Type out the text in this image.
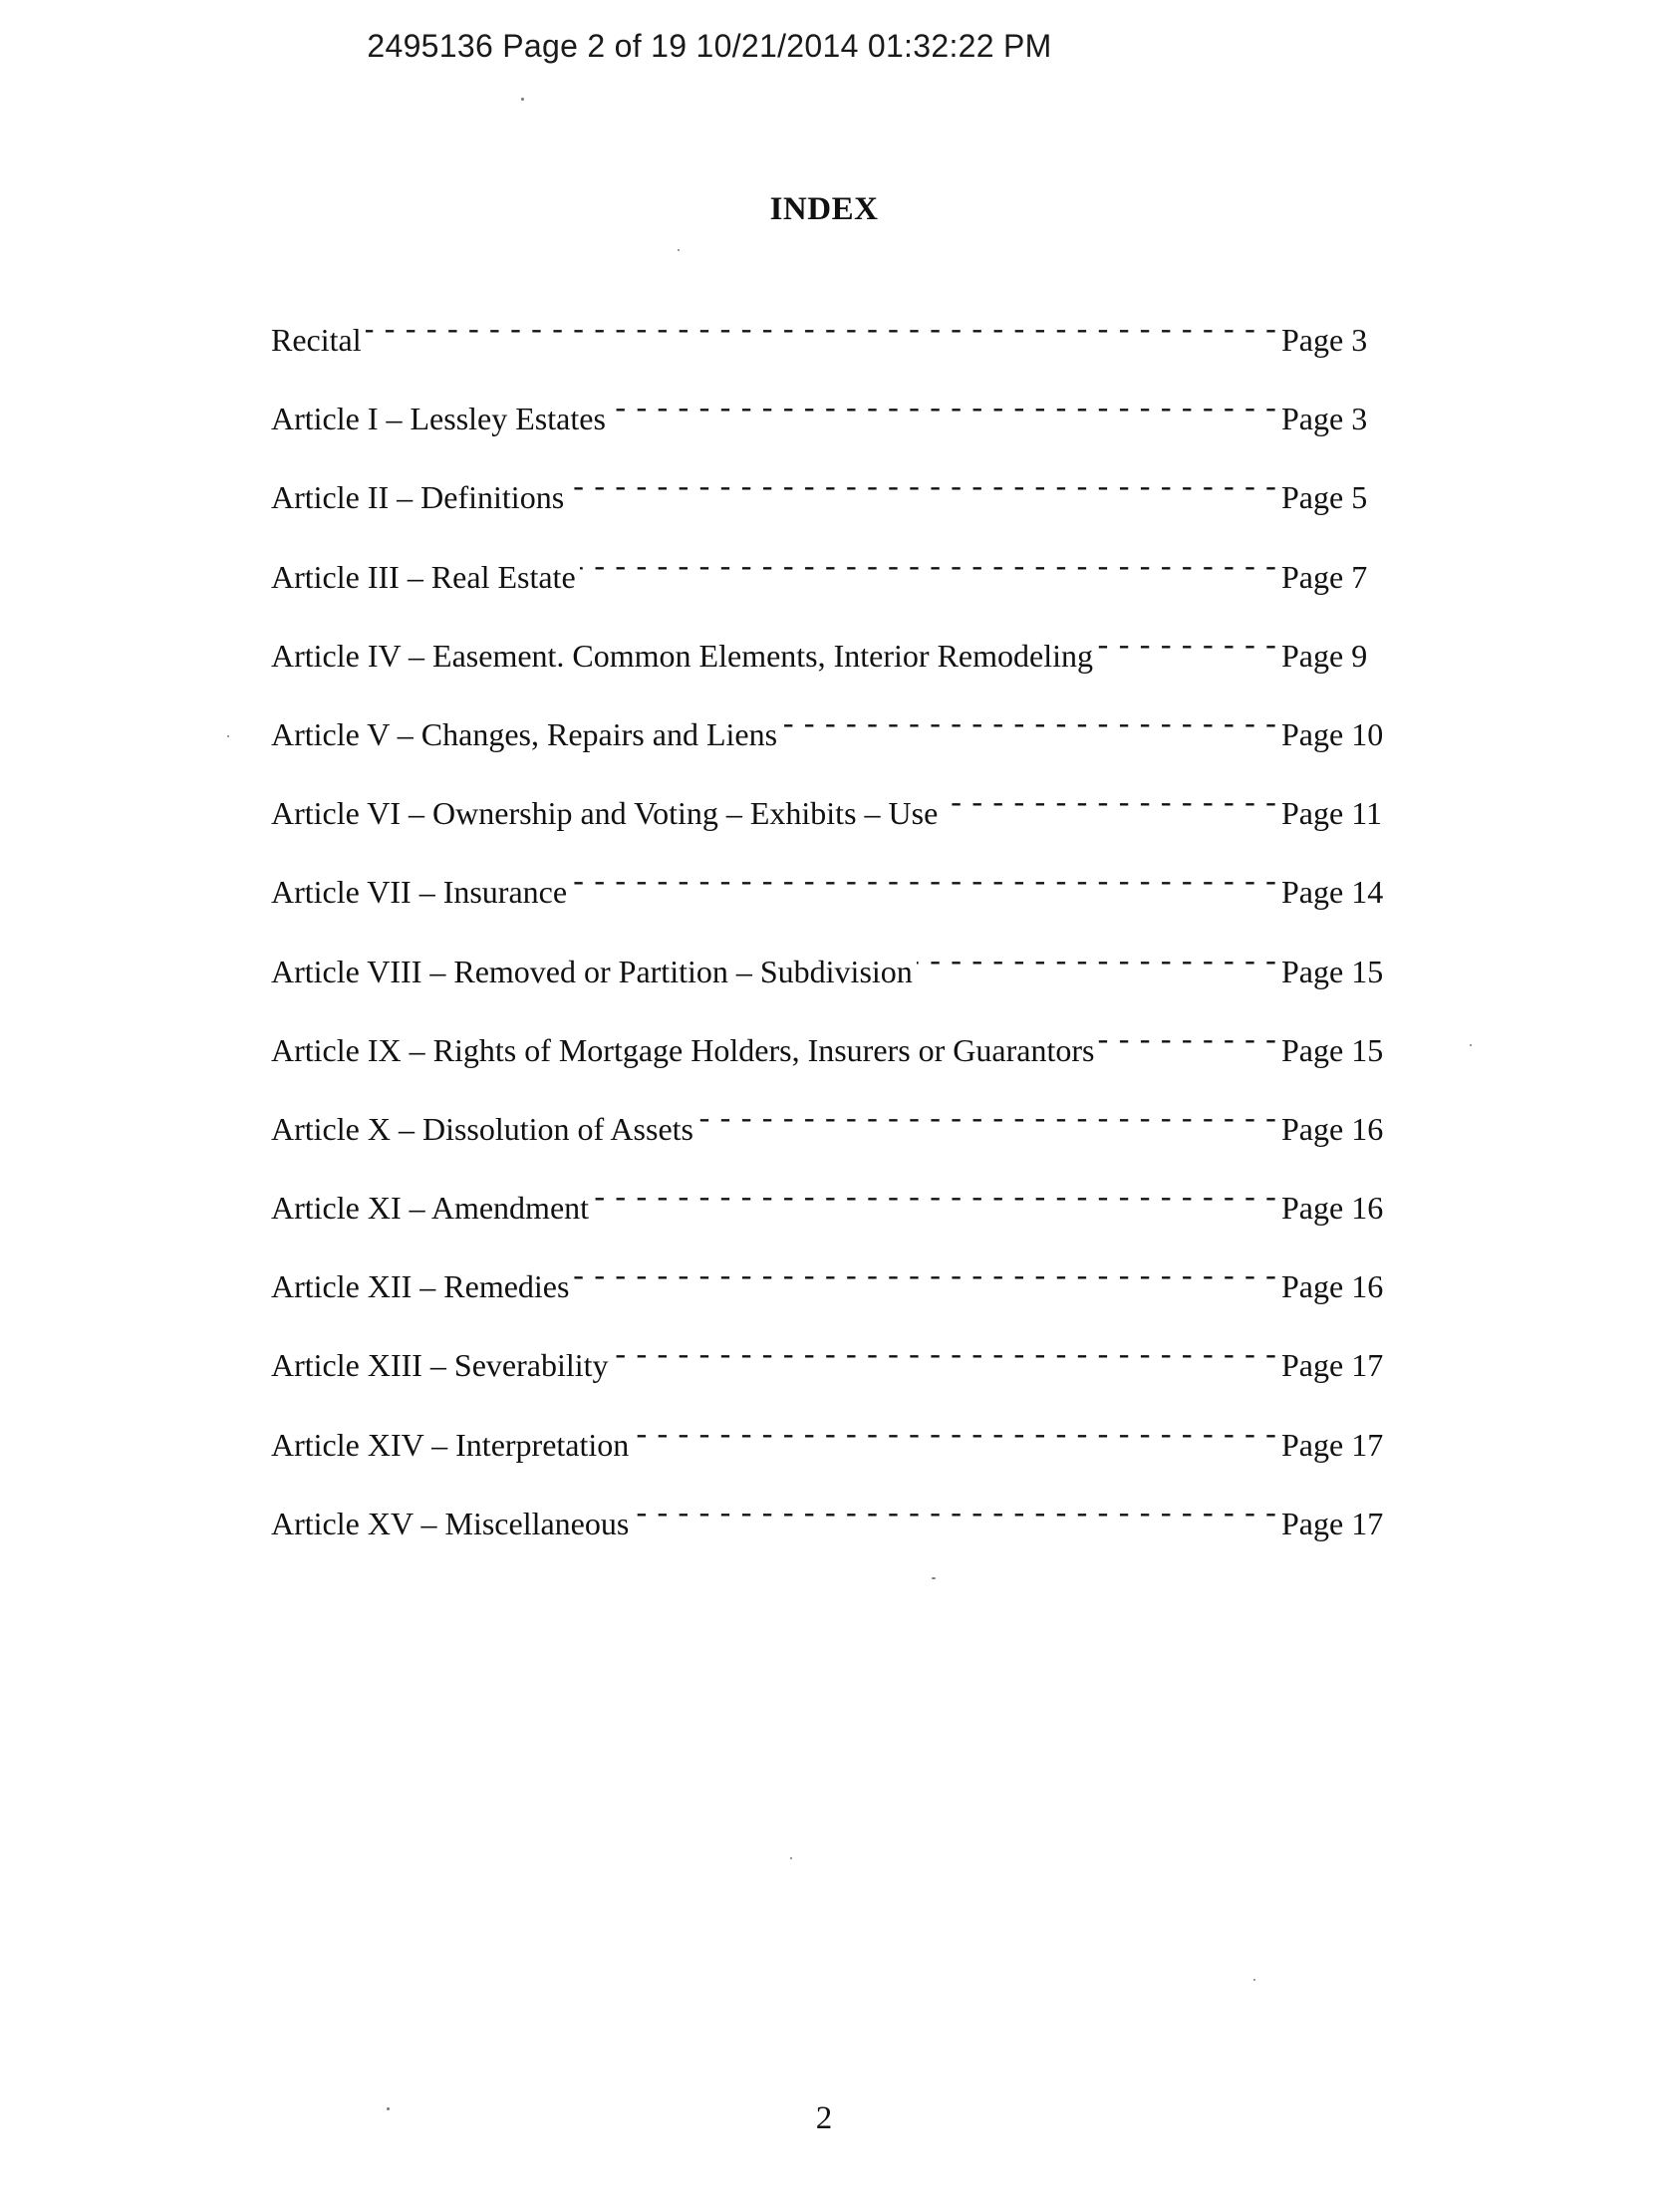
2495136 Page 2 of 19 10/21/2014 01:32:22 PM
INDEX
Recital - - -	Page 3
Article I – Lessley Estates - - -	Page 3
Article II – Definitions - - -	Page 5
Article III – Real Estate - - -	Page 7
Article IV – Easement. Common Elements, Interior Remodeling - - -	Page 9
Article V – Changes, Repairs and Liens - - -	Page 10
Article VI – Ownership and Voting – Exhibits – Use - - -	Page 11
Article VII – Insurance - - -	Page 14
Article VIII – Removed or Partition – Subdivision - - -	Page 15
Article IX – Rights of Mortgage Holders, Insurers or Guarantors - - -	Page 15
Article X – Dissolution of Assets - - -	Page 16
Article XI – Amendment - - -	Page 16
Article XII – Remedies - - -	Page 16
Article XIII – Severability - - -	Page 17
Article XIV – Interpretation - - -	Page 17
Article XV – Miscellaneous - - -	Page 17
2
